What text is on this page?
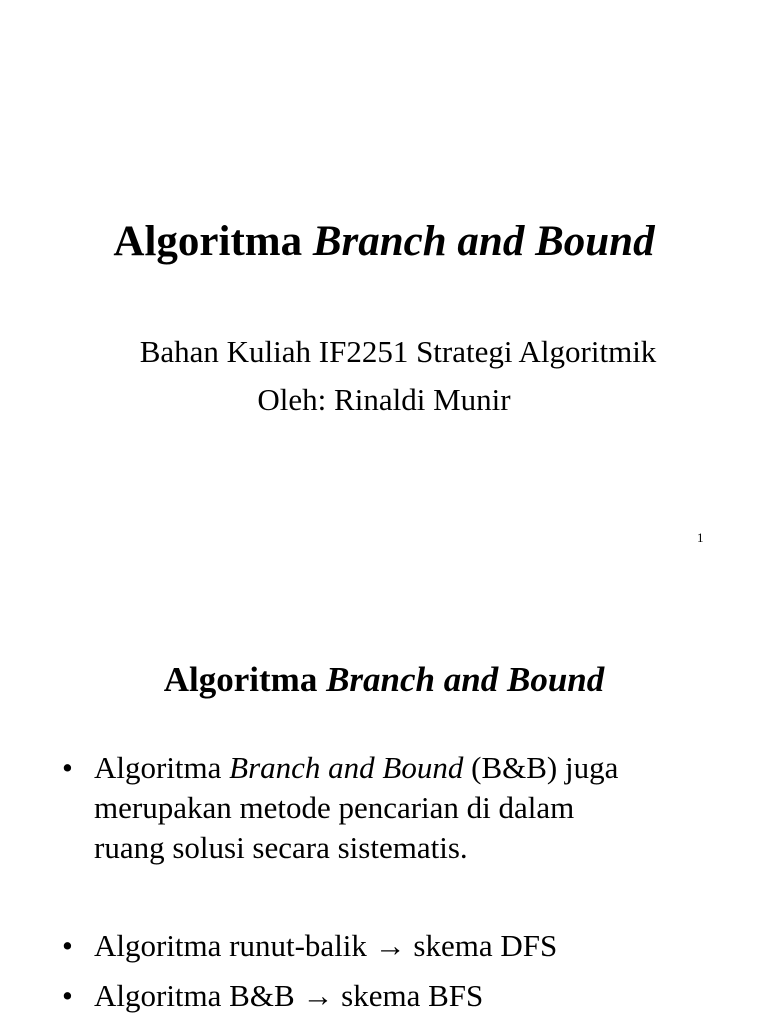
Algoritma Branch and Bound
Bahan Kuliah IF2251 Strategi Algoritmik
Oleh: Rinaldi Munir
1
Algoritma Branch and Bound
• Algoritma Branch and Bound (B&B) juga
merupakan metode pencarian di dalam
ruang solusi secara sistematis.
• Algoritma runut-balik → skema DFS
• Algoritma B&B → skema BFS
